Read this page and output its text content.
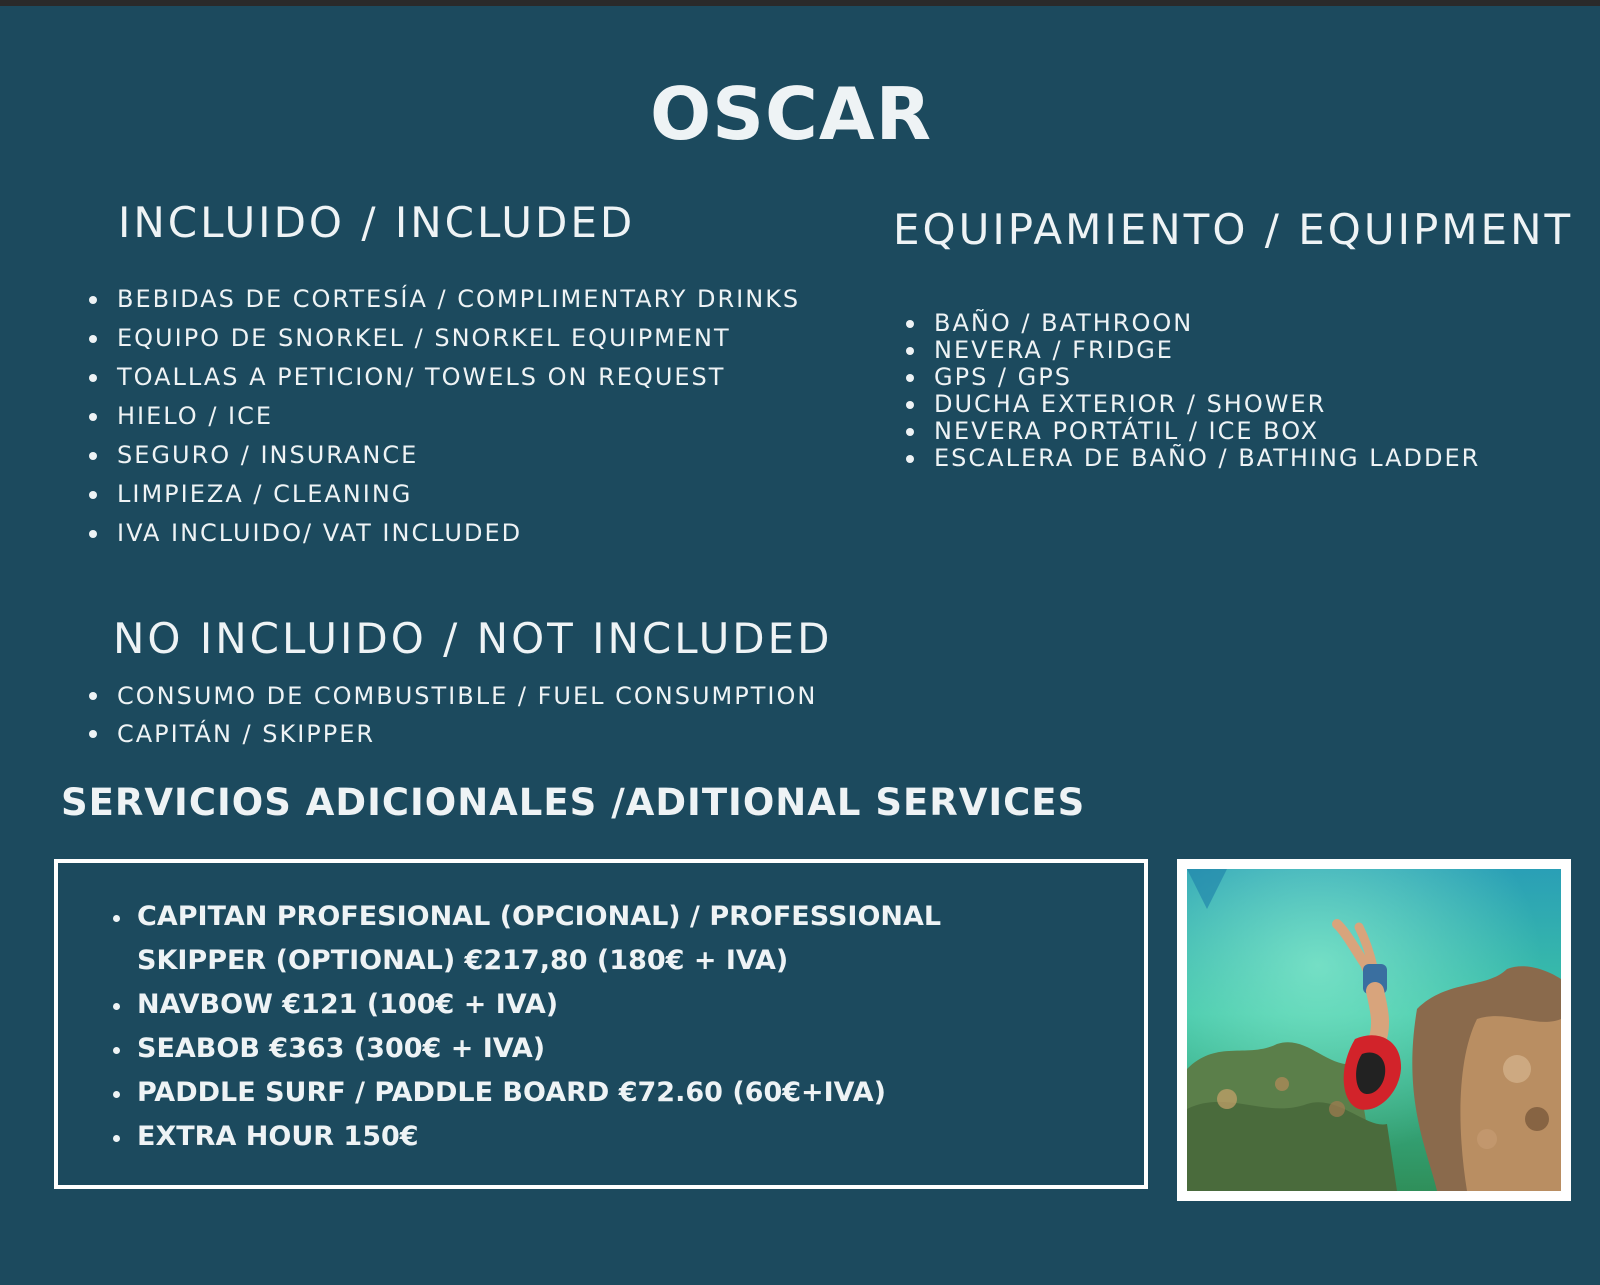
OSCAR
INCLUIDO / INCLUDED
BEBIDAS DE CORTESÍA / COMPLIMENTARY DRINKS
EQUIPO DE SNORKEL / SNORKEL EQUIPMENT
TOALLAS A PETICION/ TOWELS ON REQUEST
HIELO / ICE
SEGURO / INSURANCE
LIMPIEZA / CLEANING
IVA INCLUIDO/ VAT INCLUDED
EQUIPAMIENTO / EQUIPMENT
BAÑO / BATHROON
NEVERA / FRIDGE
GPS / GPS
DUCHA EXTERIOR / SHOWER
NEVERA PORTÁTIL / ICE BOX
ESCALERA DE BAÑO / BATHING LADDER
NO INCLUIDO / NOT INCLUDED
CONSUMO DE COMBUSTIBLE / FUEL CONSUMPTION
CAPITÁN / SKIPPER
SERVICIOS ADICIONALES /ADITIONAL SERVICES
CAPITAN PROFESIONAL (OPCIONAL) / PROFESSIONAL SKIPPER (OPTIONAL) €217,80 (180€ + IVA)
NAVBOW €121 (100€ + IVA)
SEABOB €363 (300€ + IVA)
PADDLE SURF / PADDLE BOARD €72.60 (60€+IVA)
EXTRA HOUR 150€
